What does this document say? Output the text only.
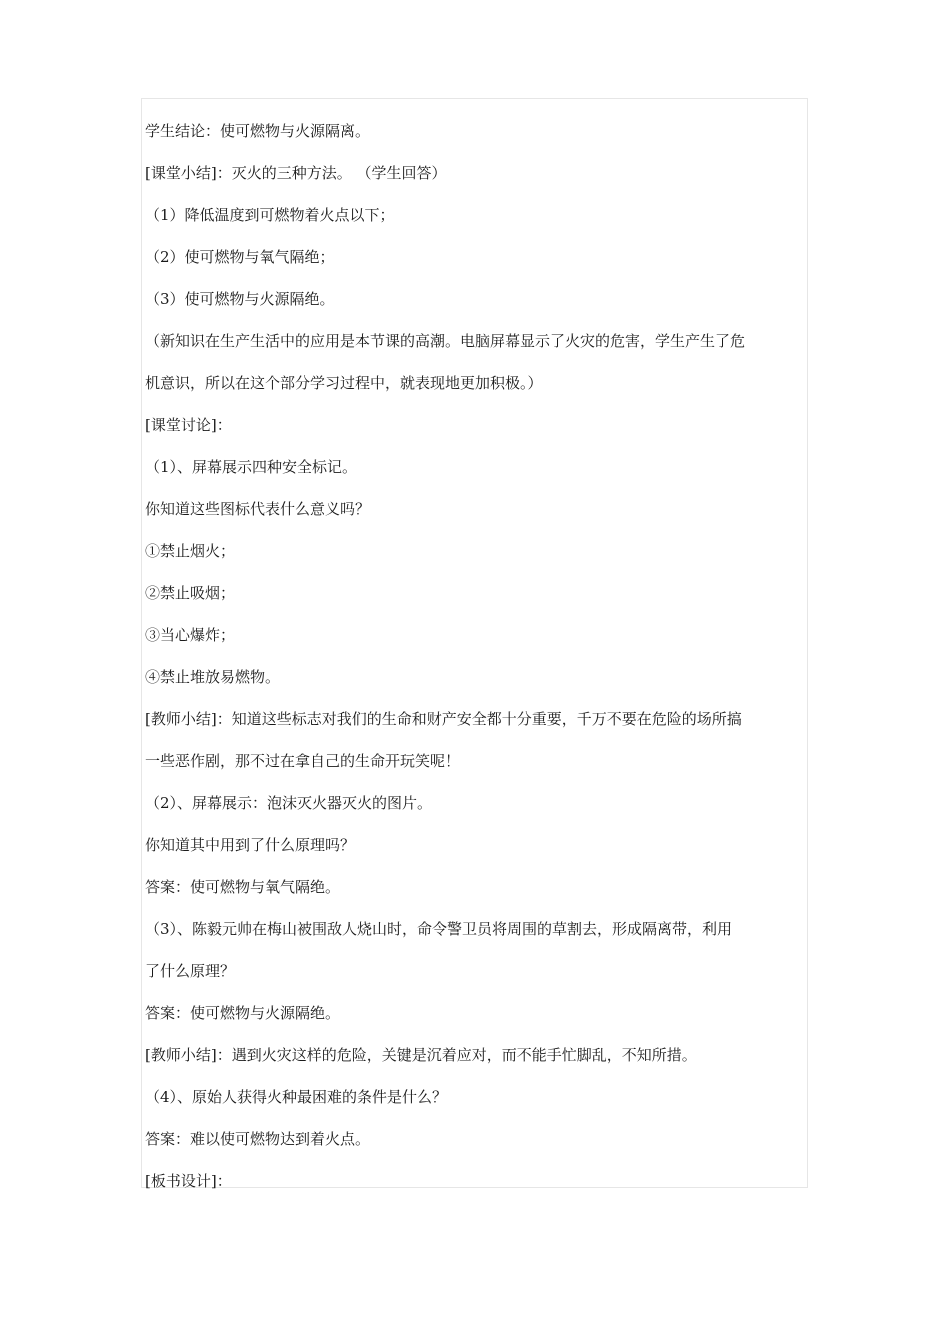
学生结论：使可燃物与火源隔离。
[课堂小结]：灭火的三种方法。 （学生回答）
（1）降低温度到可燃物着火点以下；
（2）使可燃物与氧气隔绝；
（3）使可燃物与火源隔绝。
（新知识在生产生活中的应用是本节课的高潮。电脑屏幕显示了火灾的危害，学生产生了危
机意识，所以在这个部分学习过程中，就表现地更加积极。）
[课堂讨论]：
（1）、屏幕展示四种安全标记。
你知道这些图标代表什么意义吗？
①禁止烟火；
②禁止吸烟；
③当心爆炸；
④禁止堆放易燃物。
[教师小结]：知道这些标志对我们的生命和财产安全都十分重要，千万不要在危险的场所搞
一些恶作剧，那不过在拿自己的生命开玩笑呢！
（2）、屏幕展示：泡沫灭火器灭火的图片。
你知道其中用到了什么原理吗？
答案：使可燃物与氧气隔绝。
（3）、陈毅元帅在梅山被围敌人烧山时，命令警卫员将周围的草割去，形成隔离带，利用
了什么原理？
答案：使可燃物与火源隔绝。
[教师小结]：遇到火灾这样的危险，关键是沉着应对，而不能手忙脚乱，不知所措。
（4）、原始人获得火种最困难的条件是什么？
答案：难以使可燃物达到着火点。
[板书设计]：
